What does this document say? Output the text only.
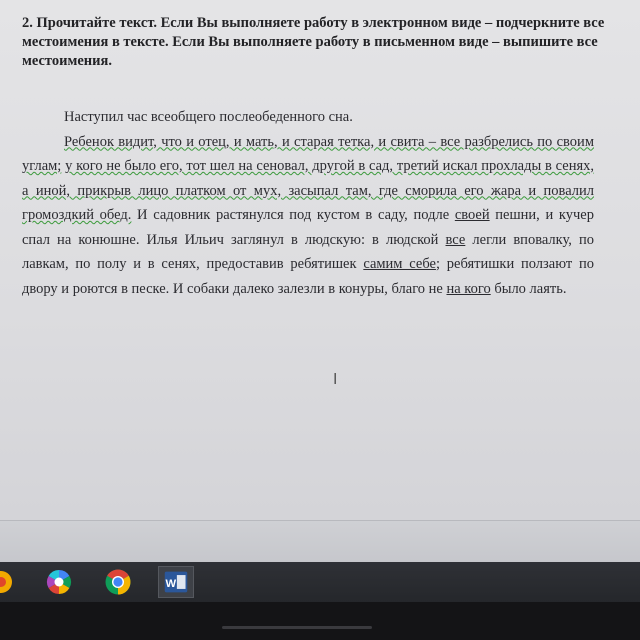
2. Прочитайте текст. Если Вы выполняете работу в электронном виде – подчеркните все местоимения в тексте. Если Вы выполняете работу в письменном виде – выпишите все местоимения.

Наступил час всеобщего послеобеденного сна.

Ребенок видит, что и отец, и мать, и старая тетка, и свита – все разбрелись по своим углам; у кого не было его, тот шел на сеновал, другой в сад, третий искал прохлады в сенях, а иной, прикрыв лицо платком от мух, засыпал там, где сморила его жара и повалил громоздкий обед. И садовник растянулся под кустом в саду, подле своей пешни, и кучер спал на конюшне. Илья Ильич заглянул в людскую: в людской все легли вповалку, по лавкам, по полу и в сенях, предоставив ребятишек самим себе; ребятишки ползают по двору и роются в песке. И собаки далеко залезли в конуры, благо не на кого было лаять.

I
W
